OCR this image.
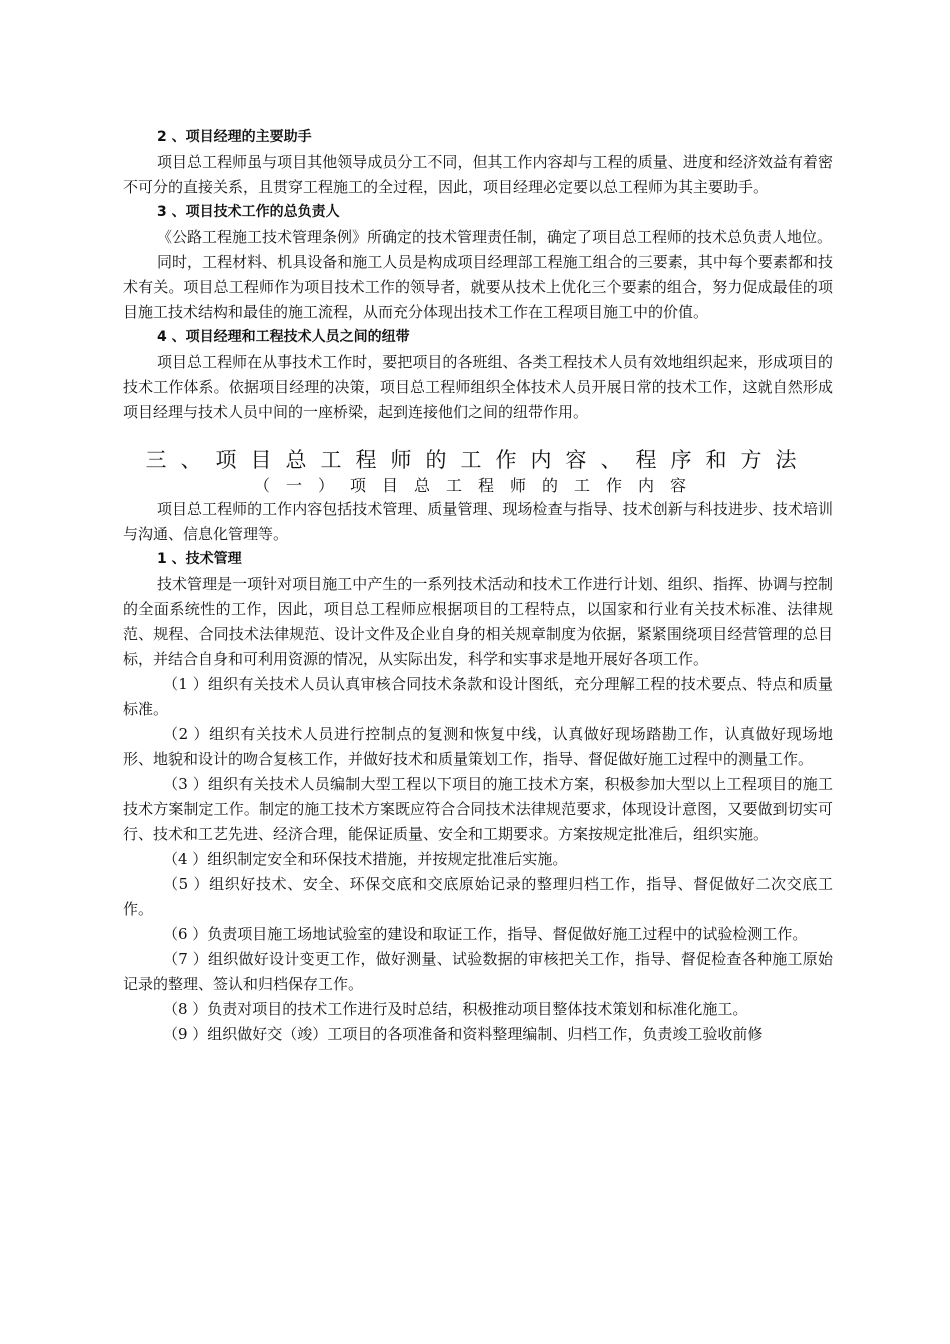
2 、项目经理的主要助手

项目总工程师虽与项目其他领导成员分工不同，但其工作内容却与工程的质量、进度和经济效益有着密不可分的直接关系，且贯穿工程施工的全过程，因此，项目经理必定要以总工程师为其主要助手。

3 、项目技术工作的总负责人

《公路工程施工技术管理条例》所确定的技术管理责任制，确定了项目总工程师的技术总负责人地位。

同时，工程材料、机具设备和施工人员是构成项目经理部工程施工组合的三要素，其中每个要素都和技术有关。项目总工程师作为项目技术工作的领导者，就要从技术上优化三个要素的组合，努力促成最佳的项目施工技术结构和最佳的施工流程，从而充分体现出技术工作在工程项目施工中的价值。

4 、项目经理和工程技术人员之间的纽带

项目总工程师在从事技术工作时，要把项目的各班组、各类工程技术人员有效地组织起来，形成项目的技术工作体系。依据项目经理的决策，项目总工程师组织全体技术人员开展日常的技术工作，这就自然形成项目经理与技术人员中间的一座桥梁，起到连接他们之间的纽带作用。

三、项目总工程师的工作内容、程序和方法

（一）项目总工程师的工作内容

项目总工程师的工作内容包括技术管理、质量管理、现场检查与指导、技术创新与科技进步、技术培训与沟通、信息化管理等。

1 、技术管理

技术管理是一项针对项目施工中产生的一系列技术活动和技术工作进行计划、组织、指挥、协调与控制的全面系统性的工作，因此，项目总工程师应根据项目的工程特点，以国家和行业有关技术标准、法律规范、规程、合同技术法律规范、设计文件及企业自身的相关规章制度为依据，紧紧围绕项目经营管理的总目标，并结合自身和可利用资源的情况，从实际出发，科学和实事求是地开展好各项工作。

（1 ）组织有关技术人员认真审核合同技术条款和设计图纸，充分理解工程的技术要点、特点和质量标准。

（2 ）组织有关技术人员进行控制点的复测和恢复中线，认真做好现场踏勘工作，认真做好现场地形、地貌和设计的吻合复核工作，并做好技术和质量策划工作，指导、督促做好施工过程中的测量工作。

（3 ）组织有关技术人员编制大型工程以下项目的施工技术方案，积极参加大型以上工程项目的施工技术方案制定工作。制定的施工技术方案既应符合合同技术法律规范要求，体现设计意图，又要做到切实可行、技术和工艺先进、经济合理，能保证质量、安全和工期要求。方案按规定批准后，组织实施。

（4 ）组织制定安全和环保技术措施，并按规定批准后实施。

（5 ）组织好技术、安全、环保交底和交底原始记录的整理归档工作，指导、督促做好二次交底工作。

（6 ）负责项目施工场地试验室的建设和取证工作，指导、督促做好施工过程中的试验检测工作。

（7 ）组织做好设计变更工作，做好测量、试验数据的审核把关工作，指导、督促检查各种施工原始记录的整理、签认和归档保存工作。

（8 ）负责对项目的技术工作进行及时总结，积极推动项目整体技术策划和标准化施工。

（9 ）组织做好交（竣）工项目的各项准备和资料整理编制、归档工作，负责竣工验收前修
